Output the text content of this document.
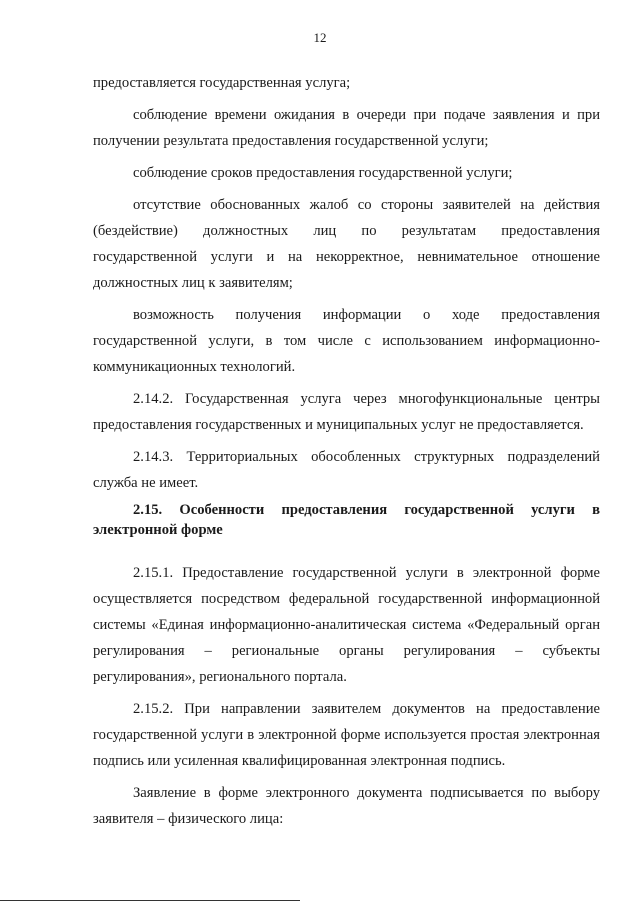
12

предоставляется государственная услуга;

соблюдение времени ожидания в очереди при подаче заявления и при получении результата предоставления государственной услуги;

соблюдение сроков предоставления государственной услуги;

отсутствие обоснованных жалоб со стороны заявителей на действия (бездействие) должностных лиц по результатам предоставления государственной услуги и на некорректное, невнимательное отношение должностных лиц к заявителям;

возможность получения информации о ходе предоставления государственной услуги, в том числе с использованием информационно-коммуникационных технологий.

2.14.2. Государственная услуга через многофункциональные центры предоставления государственных и муниципальных услуг не предоставляется.

2.14.3. Территориальных обособленных структурных подразделений служба не имеет.

2.15. Особенности предоставления государственной услуги в электронной форме

2.15.1. Предоставление государственной услуги в электронной форме осуществляется посредством федеральной государственной информационной системы «Единая информационно-аналитическая система «Федеральный орган регулирования – региональные органы регулирования – субъекты регулирования», регионального портала.

2.15.2. При направлении заявителем документов на предоставление государственной услуги в электронной форме используется простая электронная подпись или усиленная квалифицированная электронная подпись.

Заявление в форме электронного документа подписывается по выбору заявителя – физического лица:
